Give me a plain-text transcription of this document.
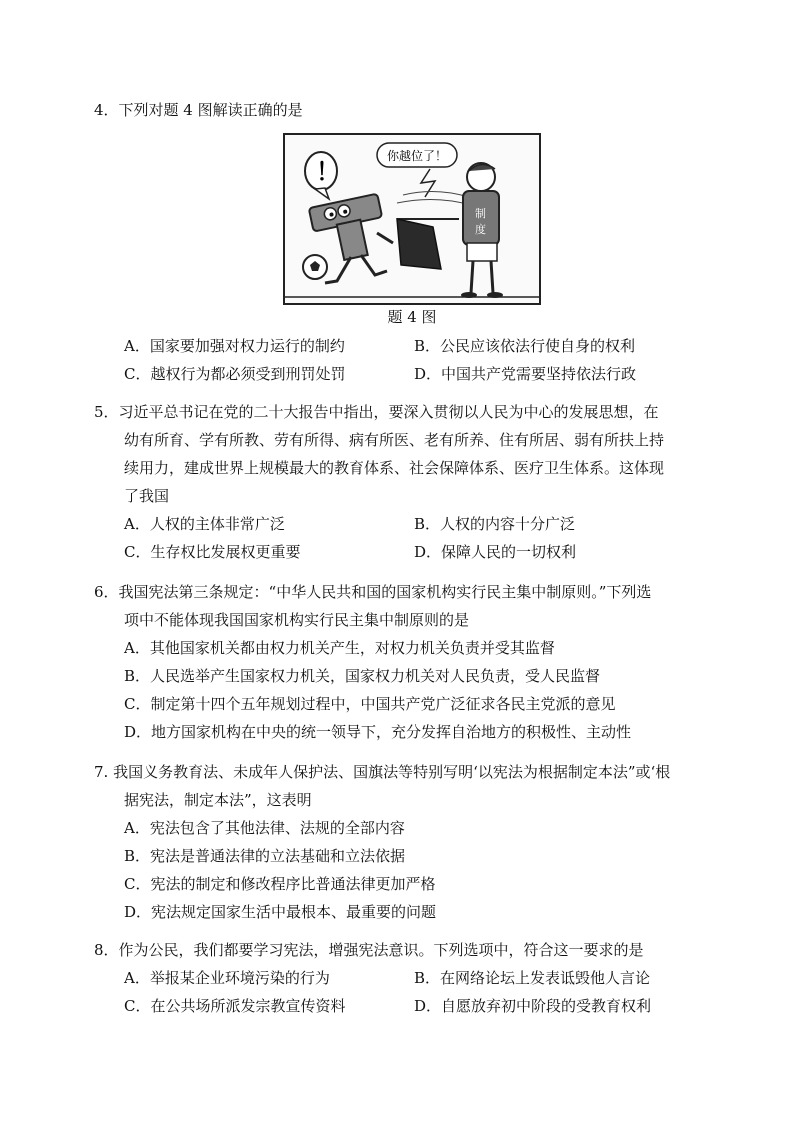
4．下列对题 4 图解读正确的是
！
你越位了！
制
度
题 4 图
A．国家要加强对权力运行的制约	B．公民应该依法行使自身的权利
C．越权行为都必须受到刑罚处罚	D．中国共产党需要坚持依法行政
5．习近平总书记在党的二十大报告中指出，要深入贯彻以人民为中心的发展思想，在
幼有所育、学有所教、劳有所得、病有所医、老有所养、住有所居、弱有所扶上持
续用力，建成世界上规模最大的教育体系、社会保障体系、医疗卫生体系。这体现
了我国
A．人权的主体非常广泛	B．人权的内容十分广泛
C．生存权比发展权更重要	D．保障人民的一切权利
6．我国宪法第三条规定：“中华人民共和国的国家机构实行民主集中制原则。”下列选
项中不能体现我国国家机构实行民主集中制原则的是
A．其他国家机关都由权力机关产生，对权力机关负责并受其监督
B．人民选举产生国家权力机关，国家权力机关对人民负责，受人民监督
C．制定第十四个五年规划过程中，中国共产党广泛征求各民主党派的意见
D．地方国家机构在中央的统一领导下，充分发挥自治地方的积极性、主动性
7. 我国义务教育法、未成年人保护法、国旗法等特别写明‘以宪法为根据制定本法”或‘根
据宪法，制定本法”，这表明
A．宪法包含了其他法律、法规的全部内容
B．宪法是普通法律的立法基础和立法依据
C．宪法的制定和修改程序比普通法律更加严格
D．宪法规定国家生活中最根本、最重要的问题
8．作为公民，我们都要学习宪法，增强宪法意识。下列选项中，符合这一要求的是
A．举报某企业环境污染的行为	B．在网络论坛上发表诋毁他人言论
C．在公共场所派发宗教宣传资料	D．自愿放弃初中阶段的受教育权利
